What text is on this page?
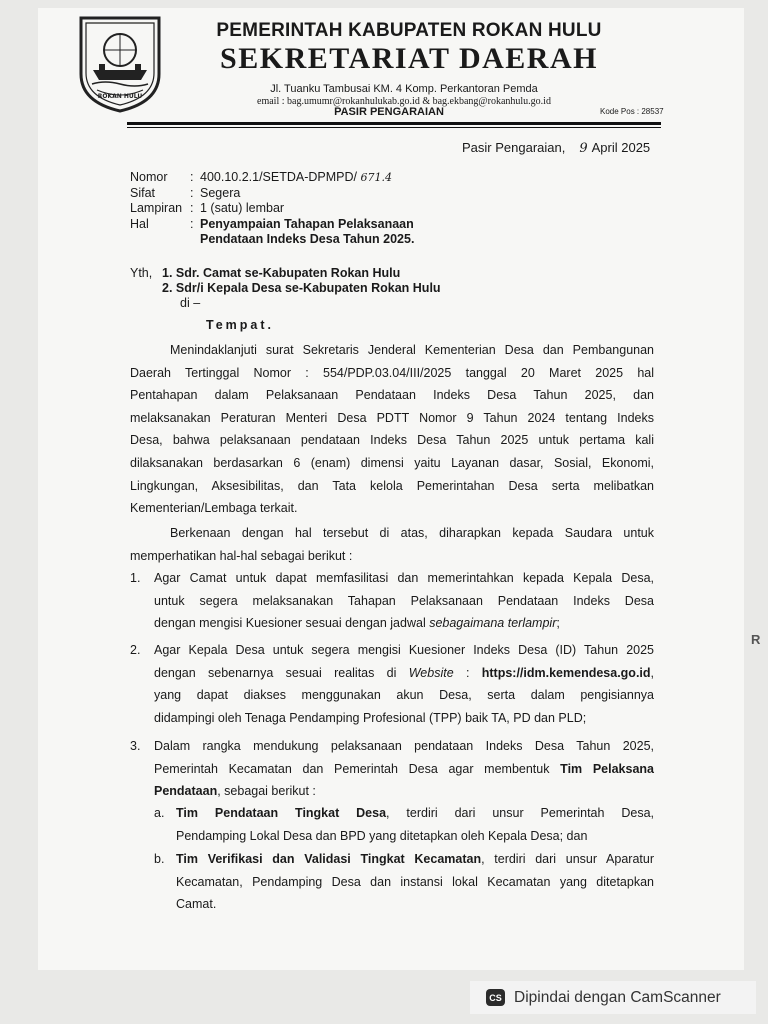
ROKAN HULU
PEMERINTAH KABUPATEN ROKAN HULU
SEKRETARIAT DAERAH
Jl. Tuanku Tambusai KM. 4 Komp. Perkantoran Pemda
email : bag.umumr@rokanhulukab.go.id & bag.ekbang@rokanhulu.go.id
PASIR PENGARAIAN	Kode Pos : 28537
Pasir Pengaraian, 9 April 2025
Nomor	: 400.10.2.1/SETDA-DPMPD/ 671.4
Sifat	: Segera
Lampiran : 1 (satu) lembar
Hal	: Penyampaian Tahapan Pelaksanaan
Pendataan Indeks Desa Tahun 2025.
Yth, 1. Sdr. Camat se-Kabupaten Rokan Hulu
2. Sdr/i Kepala Desa se-Kabupaten Rokan Hulu
di –
Tempat.
Menindaklanjuti surat Sekretaris Jenderal Kementerian Desa dan Pembangunan
Daerah Tertinggal Nomor : 554/PDP.03.04/III/2025 tanggal 20 Maret 2025 hal
Pentahapan dalam Pelaksanaan Pendataan Indeks Desa Tahun 2025, dan
melaksanakan Peraturan Menteri Desa PDTT Nomor 9 Tahun 2024 tentang Indeks
Desa, bahwa pelaksanaan pendataan Indeks Desa Tahun 2025 untuk pertama kali
dilaksanakan berdasarkan 6 (enam) dimensi yaitu Layanan dasar, Sosial, Ekonomi,
Lingkungan, Aksesibilitas, dan Tata kelola Pemerintahan Desa serta melibatkan
Kementerian/Lembaga terkait.
Berkenaan dengan hal tersebut di atas, diharapkan kepada Saudara untuk
memperhatikan hal-hal sebagai berikut :
1.	Agar Camat untuk dapat memfasilitasi dan memerintahkan kepada Kepala Desa,
untuk segera melaksanakan Tahapan Pelaksanaan Pendataan Indeks Desa
dengan mengisi Kuesioner sesuai dengan jadwal sebagaimana terlampir;
2.	Agar Kepala Desa untuk segera mengisi Kuesioner Indeks Desa (ID) Tahun 2025
dengan sebenarnya sesuai realitas di Website : https://idm.kemendesa.go.id,
yang dapat diakses menggunakan akun Desa, serta dalam pengisiannya
didampingi oleh Tenaga Pendamping Profesional (TPP) baik TA, PD dan PLD;
3.	Dalam rangka mendukung pelaksanaan pendataan Indeks Desa Tahun 2025,
Pemerintah Kecamatan dan Pemerintah Desa agar membentuk Tim Pelaksana
Pendataan, sebagai berikut :
a. Tim Pendataan Tingkat Desa, terdiri dari unsur Pemerintah Desa,
Pendamping Lokal Desa dan BPD yang ditetapkan oleh Kepala Desa; dan
b. Tim Verifikasi dan Validasi Tingkat Kecamatan, terdiri dari unsur Aparatur
Kecamatan, Pendamping Desa dan instansi lokal Kecamatan yang ditetapkan
Camat.
R
CS Dipindai dengan CamScanner
